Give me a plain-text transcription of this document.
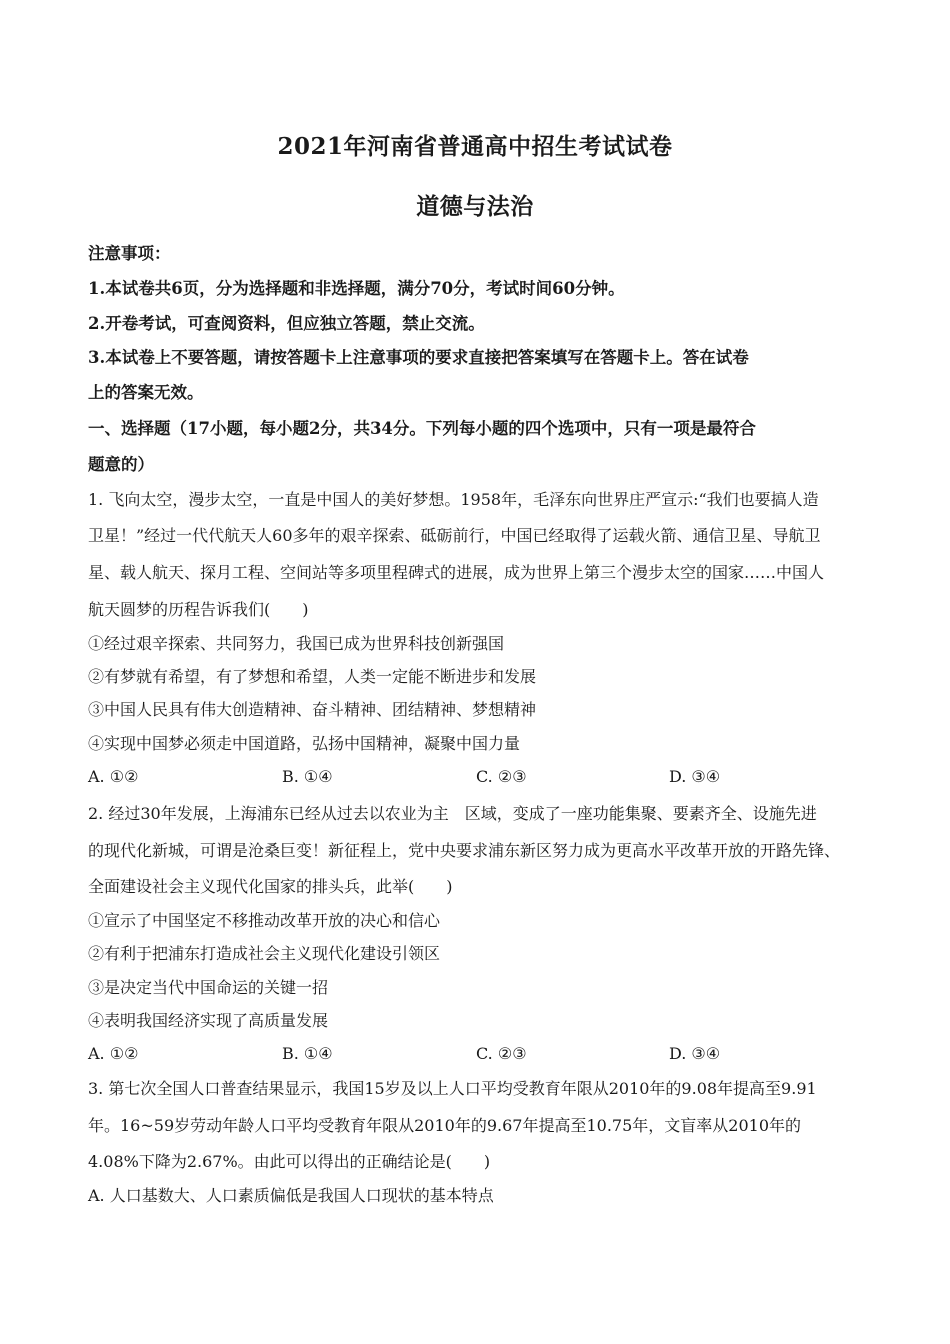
2021年河南省普通高中招生考试试卷
道德与法治
注意事项：
1.本试卷共6页，分为选择题和非选择题，满分70分，考试时间60分钟。
2.开卷考试，可查阅资料，但应独立答题，禁止交流。
3.本试卷上不要答题，请按答题卡上注意事项的要求直接把答案填写在答题卡上。答在试卷
上的答案无效。
一、选择题（17小题，每小题2分，共34分。下列每小题的四个选项中，只有一项是最符合
题意的）
1. 飞向太空，漫步太空，一直是中国人的美好梦想。1958年，毛泽东向世界庄严宣示:“我们也要搞人造
卫星！”经过一代代航天人60多年的艰辛探索、砥砺前行，中国已经取得了运载火箭、通信卫星、导航卫
星、载人航天、探月工程、空间站等多项里程碑式的进展，成为世界上第三个漫步太空的国家……中国人
航天圆梦的历程告诉我们(　　)
①经过艰辛探索、共同努力，我国已成为世界科技创新强国
②有梦就有希望，有了梦想和希望，人类一定能不断进步和发展
③中国人民具有伟大创造精神、奋斗精神、团结精神、梦想精神
④实现中国梦必须走中国道路，弘扬中国精神，凝聚中国力量
A. ①②	B. ①④	C. ②③	D. ③④
2. 经过30年发展，上海浦东已经从过去以农业为主　区域，变成了一座功能集聚、要素齐全、设施先进
的现代化新城，可谓是沧桑巨变！新征程上，党中央要求浦东新区努力成为更高水平改革开放的开路先锋、
全面建设社会主义现代化国家的排头兵，此举(　　)
①宣示了中国坚定不移推动改革开放的决心和信心
②有利于把浦东打造成社会主义现代化建设引领区
③是决定当代中国命运的关键一招
④表明我国经济实现了高质量发展
A. ①②	B. ①④	C. ②③	D. ③④
3. 第七次全国人口普查结果显示，我国15岁及以上人口平均受教育年限从2010年的9.08年提高至9.91
年。16~59岁劳动年龄人口平均受教育年限从2010年的9.67年提高至10.75年，文盲率从2010年的
4.08%下降为2.67%。由此可以得出的正确结论是(　　)
A. 人口基数大、人口素质偏低是我国人口现状的基本特点
